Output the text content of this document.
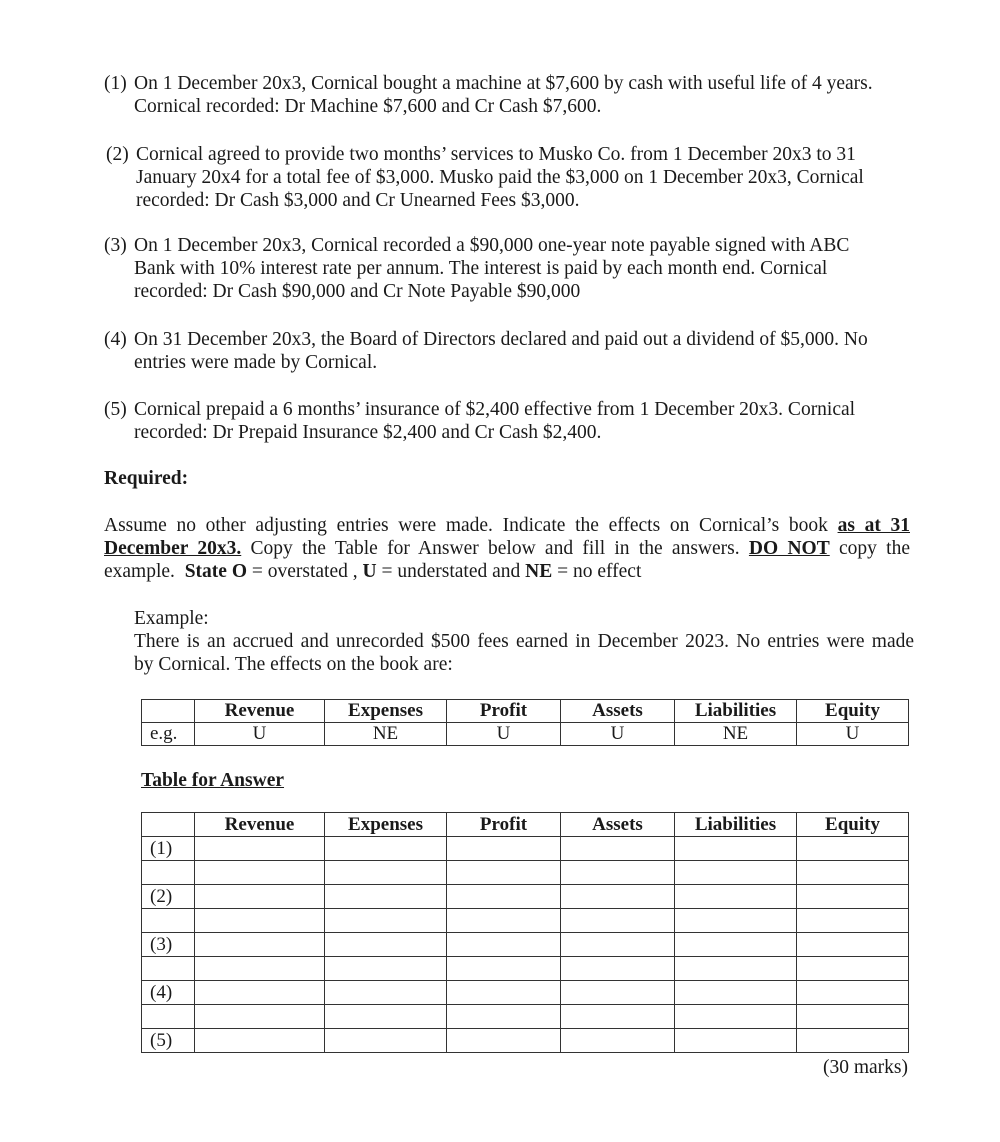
(1) On 1 December 20x3, Cornical bought a machine at $7,600 by cash with useful life of 4 years.
Cornical recorded: Dr Machine $7,600 and Cr Cash $7,600.
(2) Cornical agreed to provide two months’ services to Musko Co. from 1 December 20x3 to 31
January 20x4 for a total fee of $3,000. Musko paid the $3,000 on 1 December 20x3, Cornical
recorded: Dr Cash $3,000 and Cr Unearned Fees $3,000.
(3) On 1 December 20x3, Cornical recorded a $90,000 one-year note payable signed with ABC
Bank with 10% interest rate per annum. The interest is paid by each month end. Cornical
recorded: Dr Cash $90,000 and Cr Note Payable $90,000
(4) On 31 December 20x3, the Board of Directors declared and paid out a dividend of $5,000. No
entries were made by Cornical.
(5) Cornical prepaid a 6 months’ insurance of $2,400 effective from 1 December 20x3. Cornical
recorded: Dr Prepaid Insurance $2,400 and Cr Cash $2,400.
Required:
Assume no other adjusting entries were made. Indicate the effects on Cornical’s book as at 31
December 20x3. Copy the Table for Answer below and fill in the answers. DO NOT copy the
example. State O = overstated , U = understated and NE = no effect
Example:
There is an accrued and unrecorded $500 fees earned in December 2023. No entries were made
by Cornical. The effects on the book are:
	Revenue	Expenses	Profit	Assets	Liabilities	Equity
e.g.	U	NE	U	U	NE	U
Table for Answer
	Revenue	Expenses	Profit	Assets	Liabilities	Equity
(1)						

(2)						

(3)						

(4)						

(5)						
(30 marks)
